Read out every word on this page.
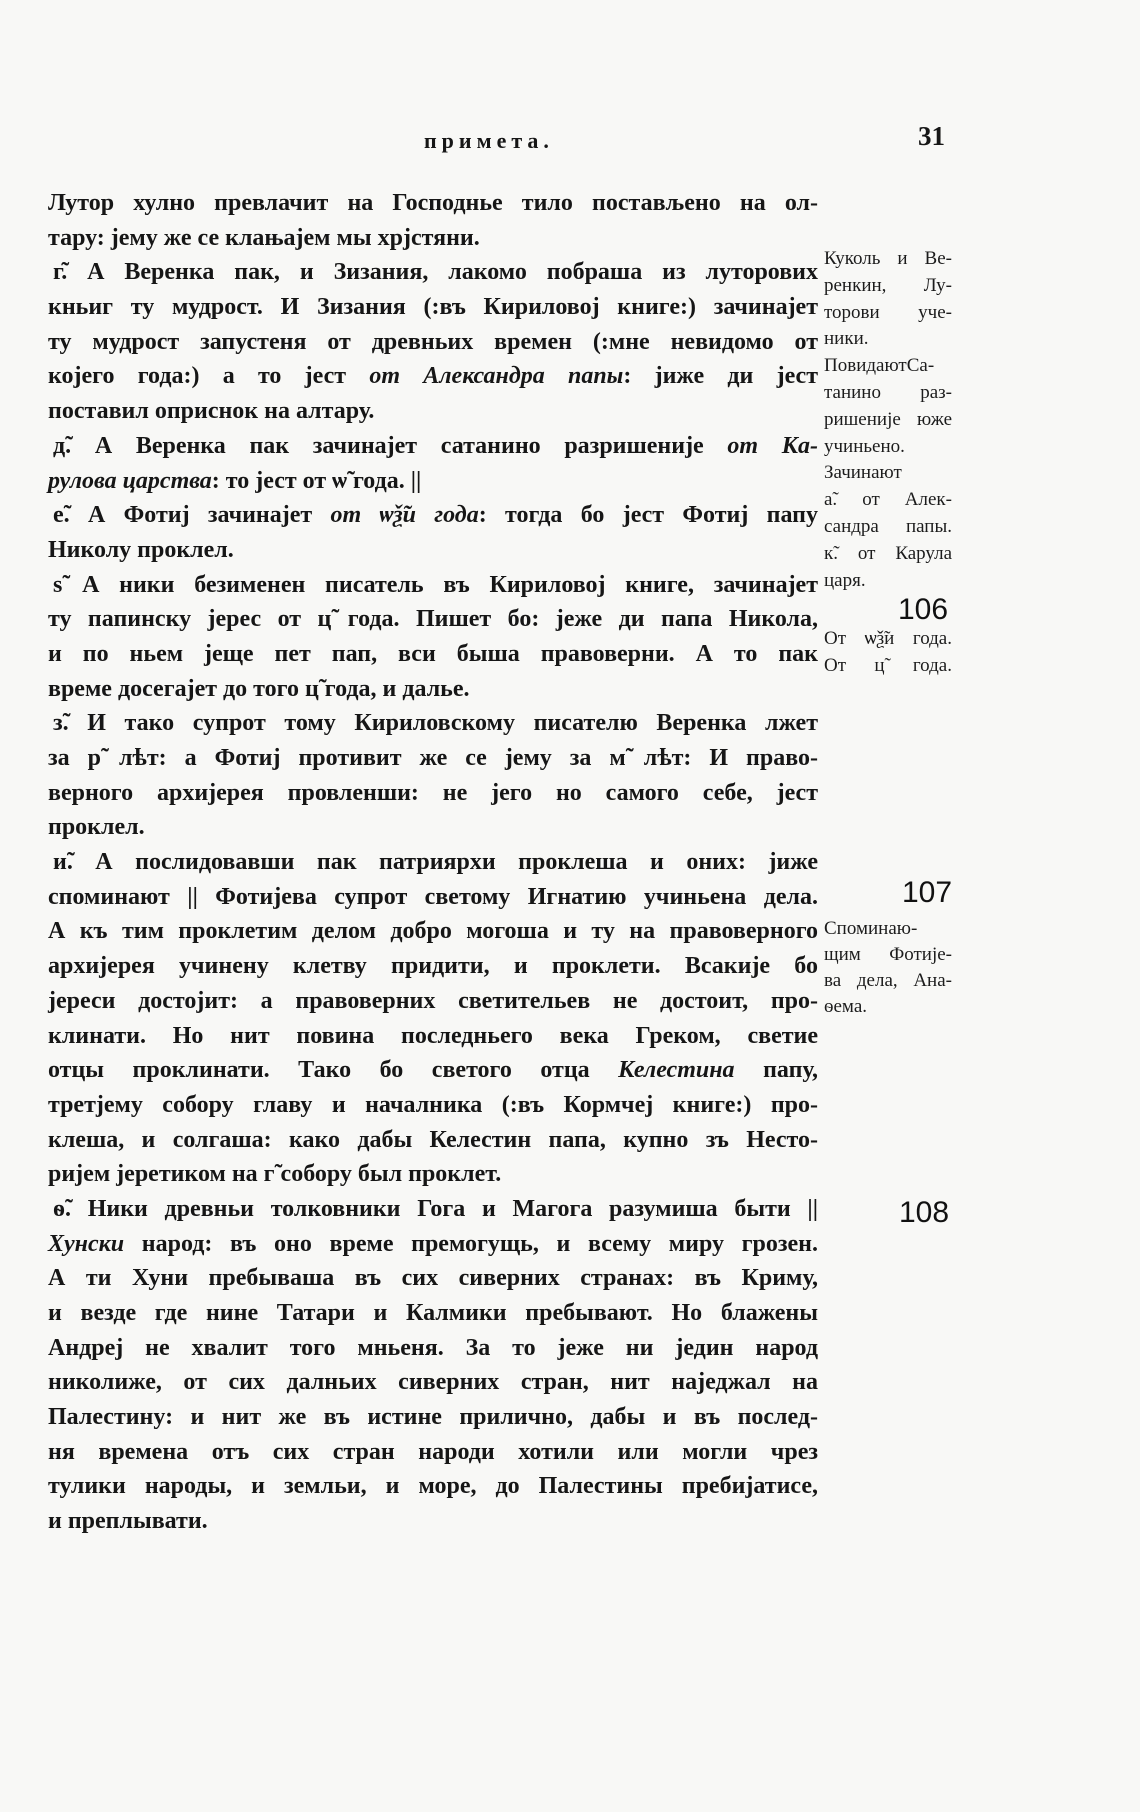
примета.	31
Лутор хулно превлачит на Господнье тило постављено на ол-
тару: јему же се клањајем мы хрјстяни.
г̃. А Веренка пак, и Зизания, лакомо побраша из луторових
кньиг ту мудрост. И Зизания (:въ Кириловој книге:) зачинајет
ту мудрост запустеня от древньих времен (:мне невидомо от
којего года:) а то јест от Александра папы: јиже ди јест
поставил оприснок на алтару.
д̃. А Веренка пак зачинајет сатанино разришеније от Ка-
рулова царства: то јест от ѡ̃ года. ||
е̃. А Фотиј зачинајет от ѡѯ̃и года: тогда бо јест Фотиј папу
Николу проклел.
ѕ̃ А ники безименен писатель въ Кириловој книге, зачинајет
ту папинску јерес от ц̃ года. Пишет бо: јеже ди папа Никола,
и по ньем јеще пет пап, вси быша правоверни. А то пак
време досегајет до того ц̃ года, и далье.
з̃. И тако супрот тому Кириловскому писателю Веренка лжет
за р̃ лѣт: а Фотиј противит же се јему за м̃ лѣт: И право-
верного архијерея провленши: не јего но самого себе, јест
проклел.
и̃. А послидовавши пак патриярхи проклеша и оних: јиже
споминают || Фотијева супрот светому Игнатию учиньена дела.
А къ тим проклетим делом добро могоша и ту на правоверного
архијерея учинену клетву придити, и проклети. Всакије бо
јереси достојит: а правоверних светительев не достоит, про-
клинати. Но нит повина последньего века Греком, светие
отцы проклинати. Тако бо светого отца Келестина папу,
третјему собору главу и началника (:въ Кормчеј книге:) про-
клеша, и солгаша: како дабы Келестин папа, купно зъ Несто-
ријем јеретиком на г̃ собору был проклет.
ѳ̃. Ники древньи толковники Гога и Магога разумиша быти ||
Хунски народ: въ оно време премогущь, и всему миру грозен.
А ти Хуни пребываша въ сих сиверних странах: въ Криму,
и везде где нине Татари и Калмики пребывают. Но блажены
Андреј не хвалит того мньеня. За то јеже ни једин народ
николиже, от сих далньих сиверних стран, нит наједжал на
Палестину: и нит же въ истине прилично, дабы и въ послед-
ня времена отъ сих стран народи хотили или могли чрез
тулики народы, и земльи, и море, до Палестины пребијатисе,
и преплывати.
Куколь и Ве-
ренкин, Лу-
торови уче-
ники.
ПовидаютСа-
танино раз-
ришеније юже
учиньено.
Зачинают
а̃. от Алек-
сандра папы.
к̃. от Карула
царя.
От ѡѯ̃и года.
От ц̃ года.
Споминаю-
щим Фотије-
ва дела, Ана-
ѳема.
106
107
108
